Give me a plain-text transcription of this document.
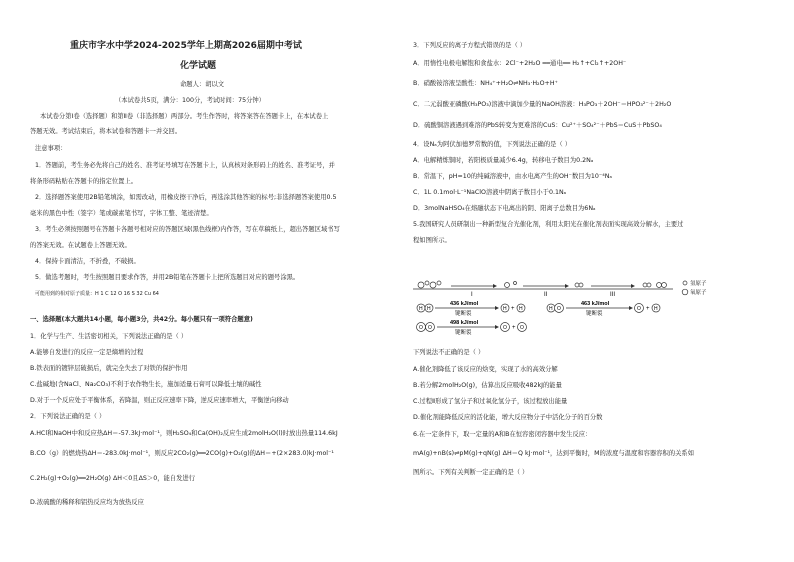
重庆市字水中学2024-2025学年上期高2026届期中考试
化学试题
命题人：胡以文
（本试卷共5页，满分：100分，考试时间：75分钟）
本试卷分第Ⅰ卷（选择题）和第Ⅱ卷（非选择题）两部分。考生作答时，将答案答在答题卡上，在本试卷上
答题无效。考试结束后，将本试卷和答题卡一并交回。
注意事项：
1．答题前，考生务必先将自己的姓名、准考证号填写在答题卡上，认真核对条形码上的姓名、准考证号，并
将条形码粘贴在答题卡的指定位置上。
2．选择题答案使用2B铅笔填涂，如需改动，用橡皮擦干净后，再选涂其他答案的标号;非选择题答案使用0.5
毫米的黑色中性（签字）笔或碳素笔书写，字体工整、笔迹清楚。
3．考生必须按照题号在答题卡各题号相对应的答题区域(黑色线框)内作答，写在草稿纸上，超出答题区域书写
的答案无效。在试题卷上答题无效。
4．保持卡面清洁，不折叠，不破损。
5．做选考题时，考生按照题目要求作答，并用2B铅笔在答题卡上把所选题目对应的题号涂黑。
可能用到的相对原子质量：H 1 C 12 O 16 S 32 Cu 64
一、选择题(本大题共14小题，每小题3分，共42分。每小题只有一项符合题意)
1．化学与生产、生活密切相关，下列说法正确的是（ ）
A.能够自发进行的反应一定是熵增的过程
B.铁表面的镀锌层破损后，就完全失去了对铁的保护作用
C.盐碱地(含NaCl、Na₂CO₃)不利于农作物生长，施加适量石膏可以降低土壤的碱性
D.对于一个反应处于平衡体系，若降温，则正反应速率下降，逆反应速率增大，平衡逆向移动
2．下列说法正确的是（ ）
A.HCl和NaOH中和反应热ΔH＝-57.3kJ·mol⁻¹，则H₂SO₄和Ca(OH)₂反应生成2molH₂O(l)时放出热量114.6kJ
B.CO（g）的燃烧热ΔH＝-283.0kJ·mol⁻¹，则反应2CO₂(g)══2CO(g)+O₂(g)的ΔH＝+(2×283.0)kJ·mol⁻¹
C.2H₂(g)+O₂(g)══2H₂O(g) ΔH＜0且ΔS＞0，能自发进行
D.浓硫酸的稀释和铝热反应均为放热反应
3．下列反应的离子方程式错误的是（ ）
A．用惰性电极电解饱和食盐水：2Cl⁻+2H₂O ══通电══ H₂↑+Cl₂↑+2OH⁻
B．硝酸铵溶液呈酸性：NH₄⁺+H₂O⇌NH₃·H₂O+H⁺
C．二元弱酸亚磷酸(H₃PO₃)溶液中滴加少量的NaOH溶液：H₃PO₃＋2OH⁻＝HPO₃²⁻＋2H₂O
D．硫酸铜溶液遇到难溶的PbS转变为更难溶的CuS：Cu²⁺＋SO₄²⁻＋PbS＝CuS＋PbSO₄
4．设Nₐ为阿伏加德罗常数的值，下列说法正确的是（ ）
A．电解精炼铜时，若阳极质量减少6.4g，转移电子数目为0.2Nₐ
B．常温下，pH=10的纯碱溶液中，由水电离产生的OH⁻数目为10⁻⁴Nₐ
C．1L 0.1mol·L⁻¹NaClO溶液中阴离子数目小于0.1Nₐ
D．3molNaHSO₄在熔融状态下电离出的阴、阳离子总数目为6Nₐ
5.我国研究人员研制出一种新型复合光催化剂，利用太阳光在催化剂表面实现高效分解水，主要过
程如图所示。
I	II	III
氢原子
氧原子
H H
436 kJ/mol
键断裂
H + H	H O
463 kJ/mol
键断裂
O + H
O O
498 kJ/mol
键断裂
O + O
下列说法不正确的是（ ）
A.催化剂降低了该反应的焓变，实现了水的高效分解
B.若分解2molH₂O(g)，估算出反应吸收482kJ的能量
C.过程Ⅱ形成了氢分子和过氧化氢分子，该过程放出能量
D.催化剂能降低反应的活化能，增大反应物分子中活化分子的百分数
6.在一定条件下，取一定量的A和B在恒容密闭容器中发生反应：
mA(g)+nB(s)⇌pM(g)+qN(g) ΔH＝Q kJ·mol⁻¹，达到平衡时，M的浓度与温度和容器容积的关系如
图所示。下列有关判断一定正确的是（ ）
